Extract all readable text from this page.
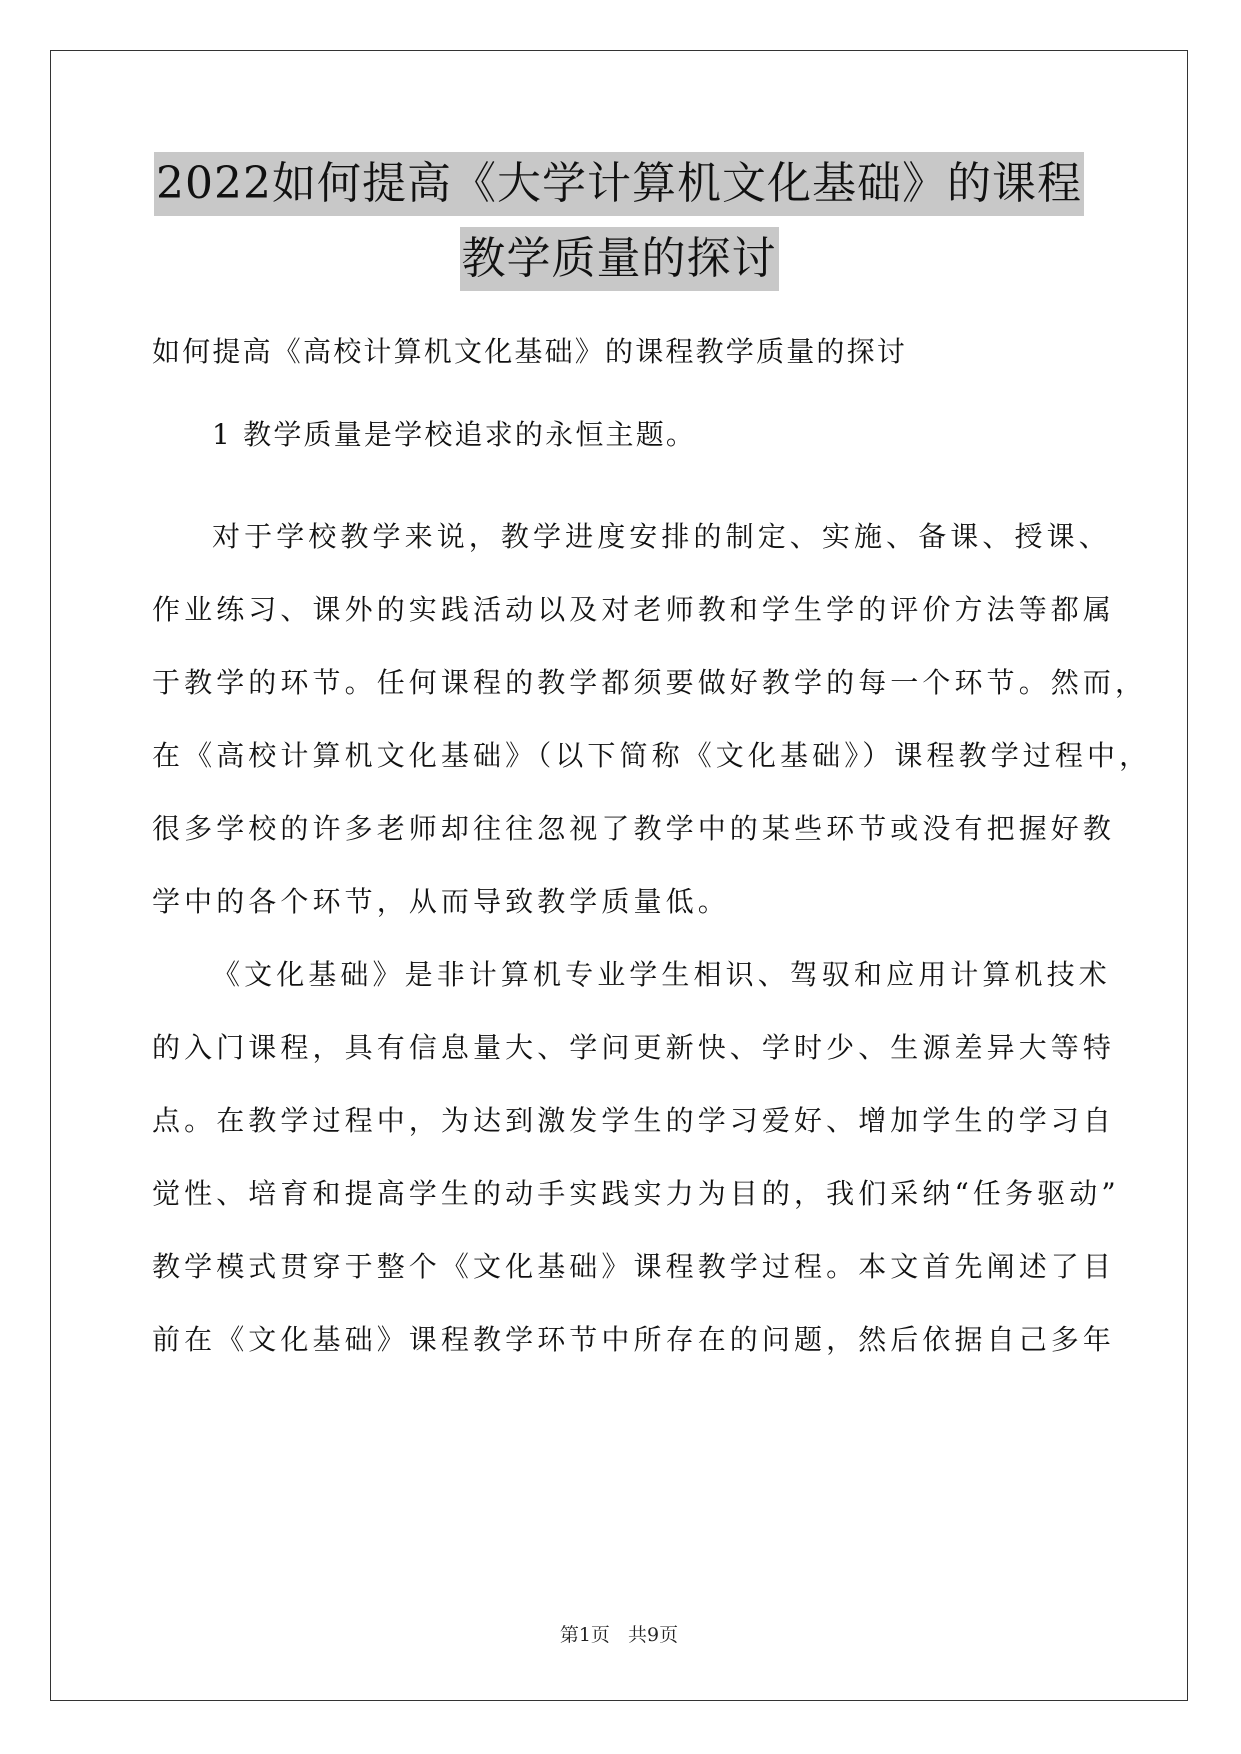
2022如何提高《大学计算机文化基础》的课程
教学质量的探讨
如何提高《高校计算机文化基础》的课程教学质量的探讨
1 教学质量是学校追求的永恒主题。
对于学校教学来说，教学进度安排的制定、实施、备课、授课、
作业练习、课外的实践活动以及对老师教和学生学的评价方法等都属
于教学的环节。任何课程的教学都须要做好教学的每一个环节。然而，
在《高校计算机文化基础》（以下简称《文化基础》）课程教学过程中，
很多学校的许多老师却往往忽视了教学中的某些环节或没有把握好教
学中的各个环节，从而导致教学质量低。
《文化基础》是非计算机专业学生相识、驾驭和应用计算机技术
的入门课程，具有信息量大、学问更新快、学时少、生源差异大等特
点。在教学过程中，为达到激发学生的学习爱好、增加学生的学习自
觉性、培育和提高学生的动手实践实力为目的，我们采纳“任务驱动”
教学模式贯穿于整个《文化基础》课程教学过程。本文首先阐述了目
前在《文化基础》课程教学环节中所存在的问题，然后依据自己多年
第1页   共9页
